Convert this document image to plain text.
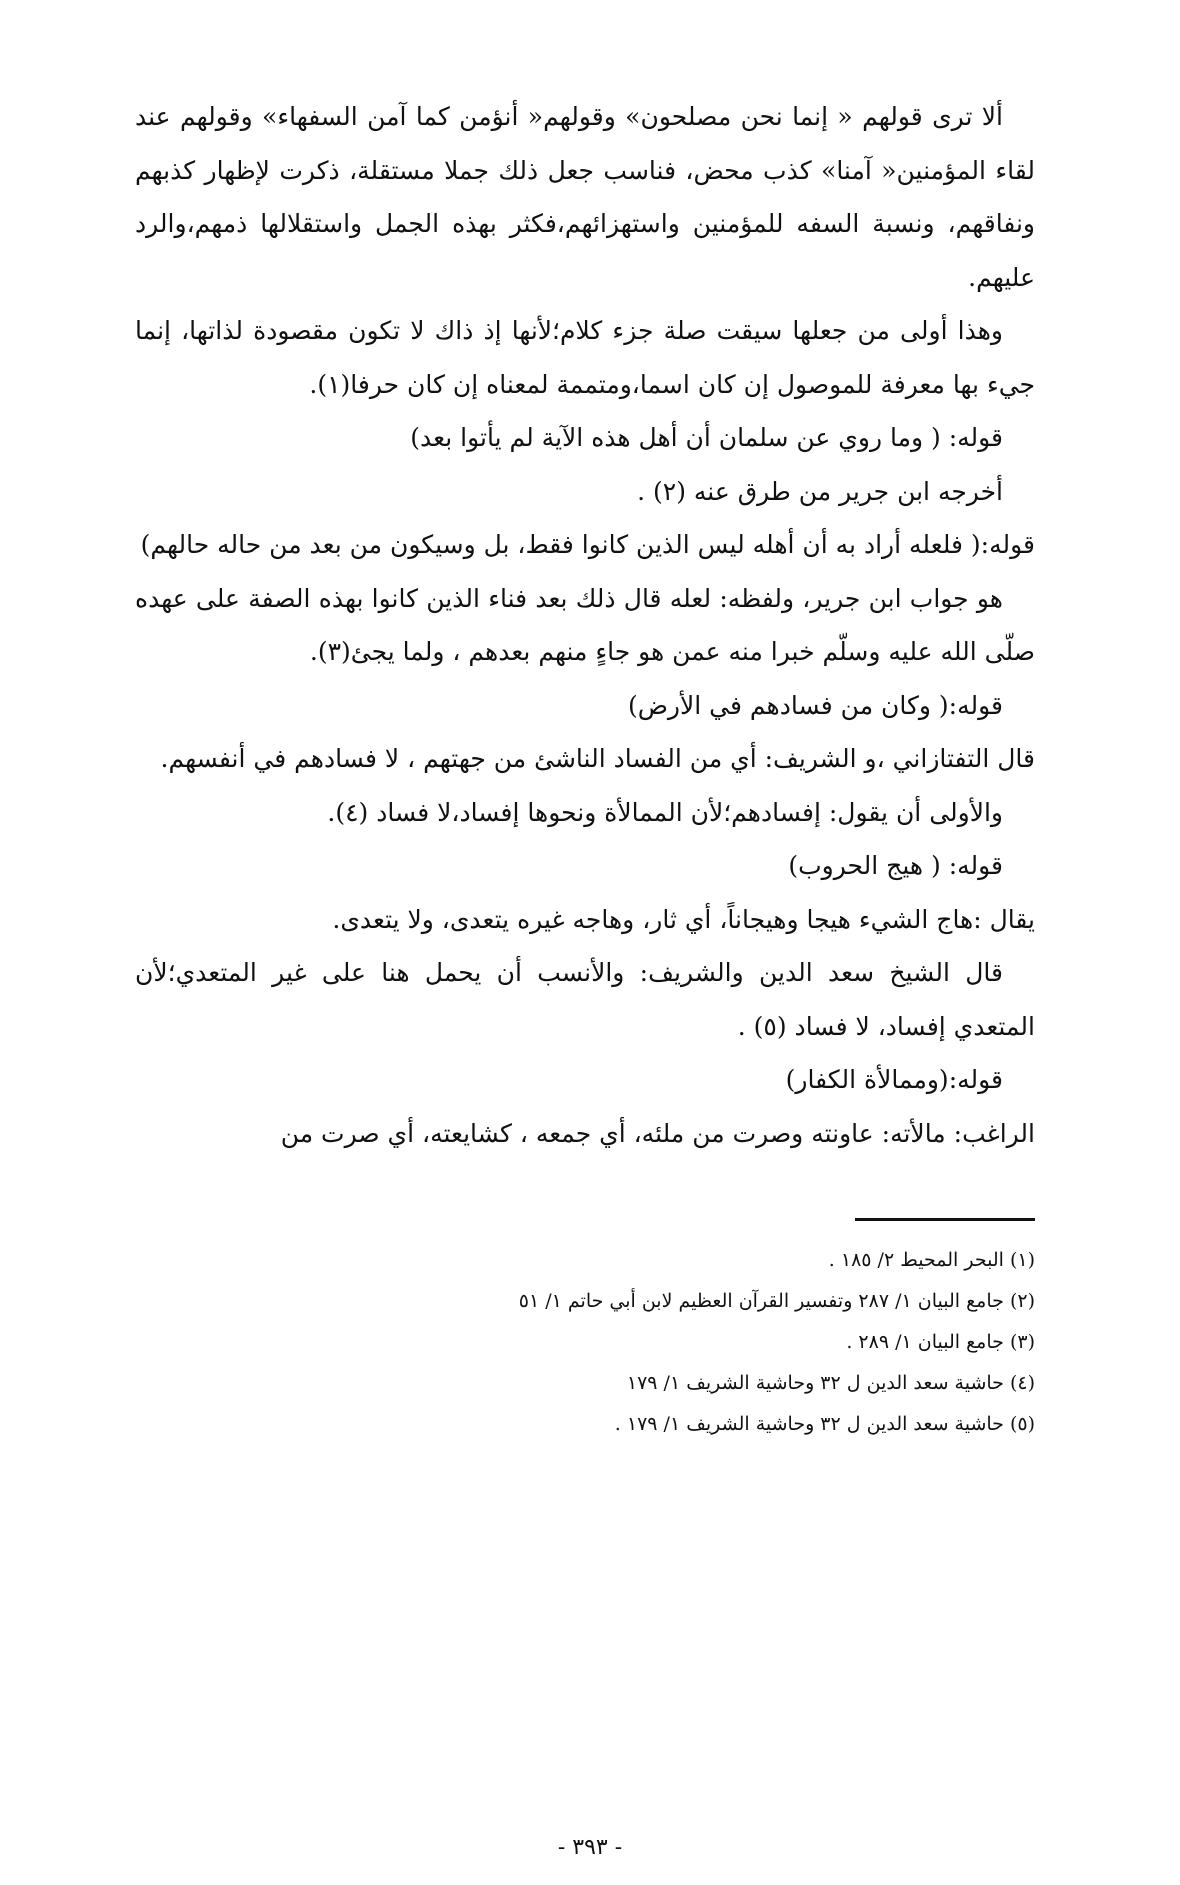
ألا ترى قولهم « إنما نحن مصلحون» وقولهم« أنؤمن كما آمن السفهاء» وقولهم عند لقاء المؤمنين« آمنا» كذب محض، فناسب جعل ذلك جملا مستقلة، ذكرت لإظهار كذبهم ونفاقهم، ونسبة السفه للمؤمنين واستهزائهم،فكثر بهذه الجمل واستقلالها ذمهم،والرد عليهم.

وهذا أولى من جعلها سيقت صلة جزء كلام؛لأنها إذ ذاك لا تكون مقصودة لذاتها، إنما جيء بها معرفة للموصول إن كان اسما،ومتممة لمعناه إن كان حرفا(١).

قوله: ( وما روي عن سلمان أن أهل هذه الآية لم يأتوا بعد)

أخرجه ابن جرير من طرق عنه (٢) .

قوله:( فلعله أراد به أن أهله ليس الذين كانوا فقط، بل وسيكون من بعد من حاله حالهم)

هو جواب ابن جرير، ولفظه: لعله قال ذلك بعد فناء الذين كانوا بهذه الصفة على عهده صلّى الله عليه وسلّم خبرا منه عمن هو جاءٍ منهم بعدهم ، ولما يجئ(٣).

قوله:( وكان من فسادهم في الأرض)

قال التفتازاني ،و الشريف: أي من الفساد الناشئ من جهتهم ، لا فسادهم في أنفسهم.

والأولى أن يقول: إفسادهم؛لأن الممالأة ونحوها إفساد،لا فساد (٤).

قوله: ( هيج الحروب)

يقال :هاج الشيء هيجا وهيجاناً، أي ثار، وهاجه غيره يتعدى، ولا يتعدى.

قال الشيخ سعد الدين والشريف: والأنسب أن يحمل هنا على غير المتعدي؛لأن المتعدي إفساد، لا فساد (٥) .

قوله:(وممالأة الكفار)

الراغب: مالأته: عاونته وصرت من ملئه، أي جمعه ، كشايعته، أي صرت من

(١) البحر المحيط ٢/ ١٨٥ .

(٢) جامع البيان ١/ ٢٨٧ وتفسير القرآن العظيم لابن أبي حاتم ١/ ٥١

(٣) جامع البيان ١/ ٢٨٩ .

(٤) حاشية سعد الدين ل ٣٢ وحاشية الشريف ١/ ١٧٩

(٥) حاشية سعد الدين ل ٣٢ وحاشية الشريف ١/ ١٧٩ .

- ٣٩٣ -
